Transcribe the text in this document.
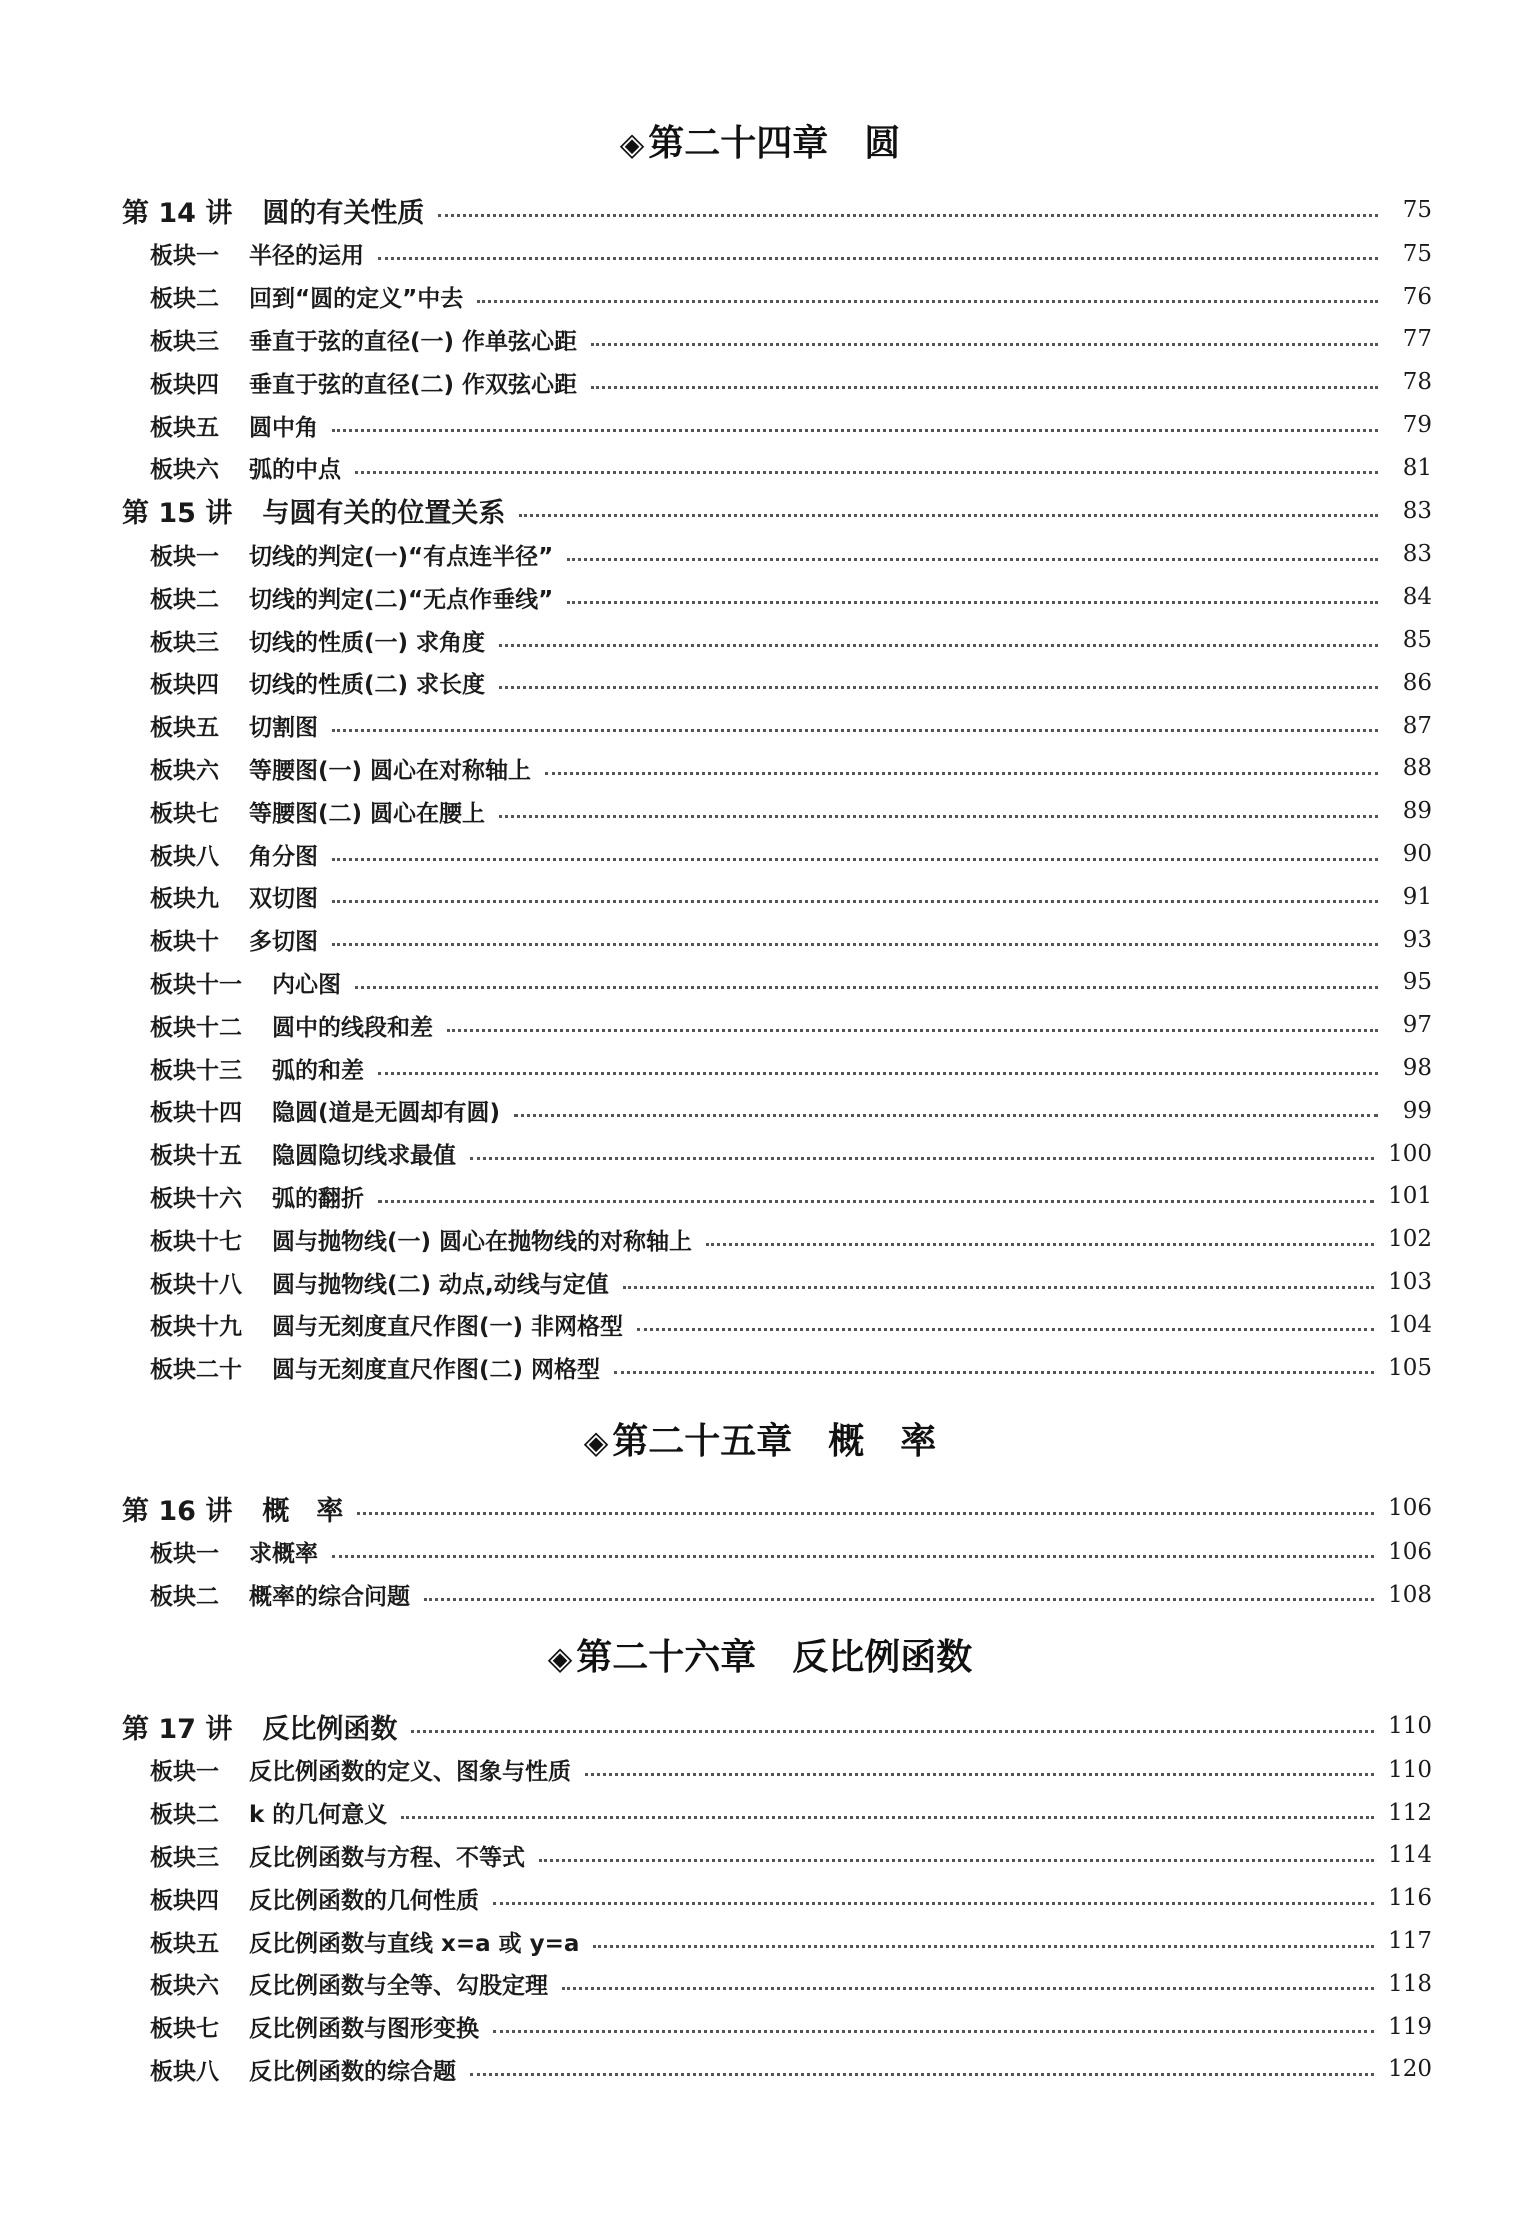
◈ 第二十四章　圆
◈ 第二十五章　概　率
◈ 第二十六章　反比例函数
第 14 讲 圆的有关性质	75
板块一 半径的运用	75
板块二 回到“圆的定义”中去	76
板块三 垂直于弦的直径(一) 作单弦心距	77
板块四 垂直于弦的直径(二) 作双弦心距	78
板块五 圆中角	79
板块六 弧的中点	81
第 15 讲 与圆有关的位置关系	83
板块一 切线的判定(一)“有点连半径”	83
板块二 切线的判定(二)“无点作垂线”	84
板块三 切线的性质(一) 求角度	85
板块四 切线的性质(二) 求长度	86
板块五 切割图	87
板块六 等腰图(一) 圆心在对称轴上	88
板块七 等腰图(二) 圆心在腰上	89
板块八 角分图	90
板块九 双切图	91
板块十 多切图	93
板块十一 内心图	95
板块十二 圆中的线段和差	97
板块十三 弧的和差	98
板块十四 隐圆(道是无圆却有圆)	99
板块十五 隐圆隐切线求最值	100
板块十六 弧的翻折	101
板块十七 圆与抛物线(一) 圆心在抛物线的对称轴上	102
板块十八 圆与抛物线(二) 动点,动线与定值	103
板块十九 圆与无刻度直尺作图(一) 非网格型	104
板块二十 圆与无刻度直尺作图(二) 网格型	105
第 16 讲 概　率	106
板块一 求概率	106
板块二 概率的综合问题	108
第 17 讲 反比例函数	110
板块一 反比例函数的定义、图象与性质	110
板块二 k 的几何意义	112
板块三 反比例函数与方程、不等式	114
板块四 反比例函数的几何性质	116
板块五 反比例函数与直线 x=a 或 y=a	117
板块六 反比例函数与全等、勾股定理	118
板块七 反比例函数与图形变换	119
板块八 反比例函数的综合题	120
